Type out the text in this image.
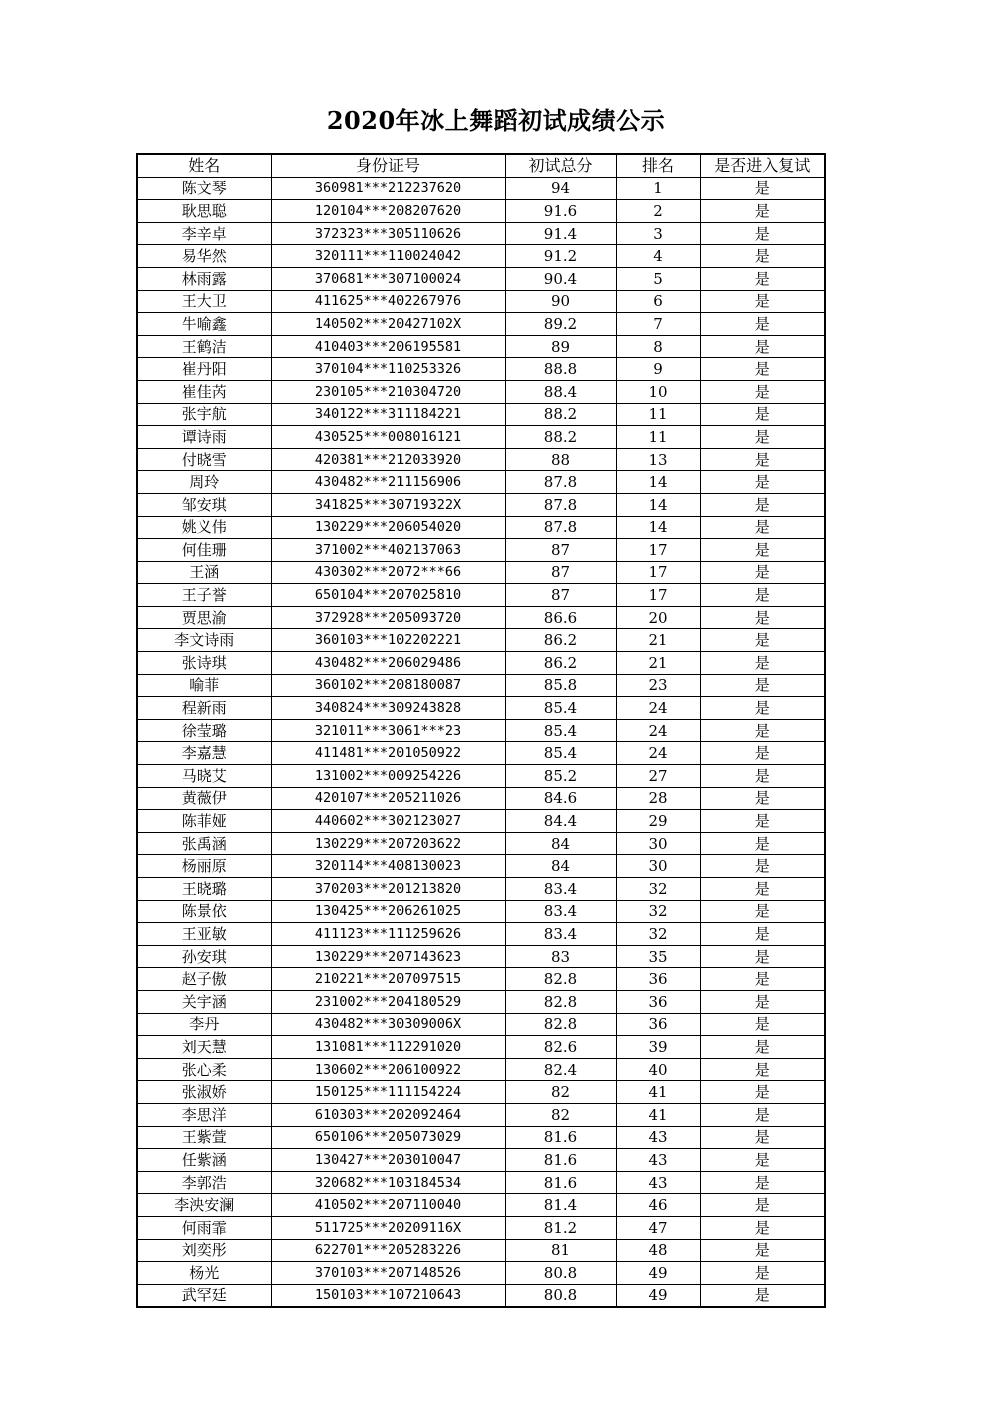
2020年冰上舞蹈初试成绩公示
姓名	身份证号	初试总分	排名	是否进入复试
陈文琴	360981***212237620	94	1	是
耿思聪	120104***208207620	91.6	2	是
李辛卓	372323***305110626	91.4	3	是
易华然	320111***110024042	91.2	4	是
林雨露	370681***307100024	90.4	5	是
王大卫	411625***402267976	90	6	是
牛喻鑫	140502***20427102X	89.2	7	是
王鹤洁	410403***206195581	89	8	是
崔丹阳	370104***110253326	88.8	9	是
崔佳芮	230105***210304720	88.4	10	是
张宇航	340122***311184221	88.2	11	是
谭诗雨	430525***008016121	88.2	11	是
付晓雪	420381***212033920	88	13	是
周玲	430482***211156906	87.8	14	是
邹安琪	341825***30719322X	87.8	14	是
姚义伟	130229***206054020	87.8	14	是
何佳珊	371002***402137063	87	17	是
王涵	430302***2072***66	87	17	是
王子誉	650104***207025810	87	17	是
贾思渝	372928***205093720	86.6	20	是
李文诗雨	360103***102202221	86.2	21	是
张诗琪	430482***206029486	86.2	21	是
喻菲	360102***208180087	85.8	23	是
程新雨	340824***309243828	85.4	24	是
徐莹璐	321011***3061***23	85.4	24	是
李嘉慧	411481***201050922	85.4	24	是
马晓艾	131002***009254226	85.2	27	是
黄薇伊	420107***205211026	84.6	28	是
陈菲娅	440602***302123027	84.4	29	是
张禹涵	130229***207203622	84	30	是
杨丽原	320114***408130023	84	30	是
王晓璐	370203***201213820	83.4	32	是
陈景依	130425***206261025	83.4	32	是
王亚敏	411123***111259626	83.4	32	是
孙安琪	130229***207143623	83	35	是
赵子傲	210221***207097515	82.8	36	是
关宇涵	231002***204180529	82.8	36	是
李丹	430482***30309006X	82.8	36	是
刘天慧	131081***112291020	82.6	39	是
张心柔	130602***206100922	82.4	40	是
张淑娇	150125***111154224	82	41	是
李思洋	610303***202092464	82	41	是
王紫萱	650106***205073029	81.6	43	是
任紫涵	130427***203010047	81.6	43	是
李郭浩	320682***103184534	81.6	43	是
李泱安澜	410502***207110040	81.4	46	是
何雨霏	511725***20209116X	81.2	47	是
刘奕彤	622701***205283226	81	48	是
杨光	370103***207148526	80.8	49	是
武罕廷	150103***107210643	80.8	49	是
